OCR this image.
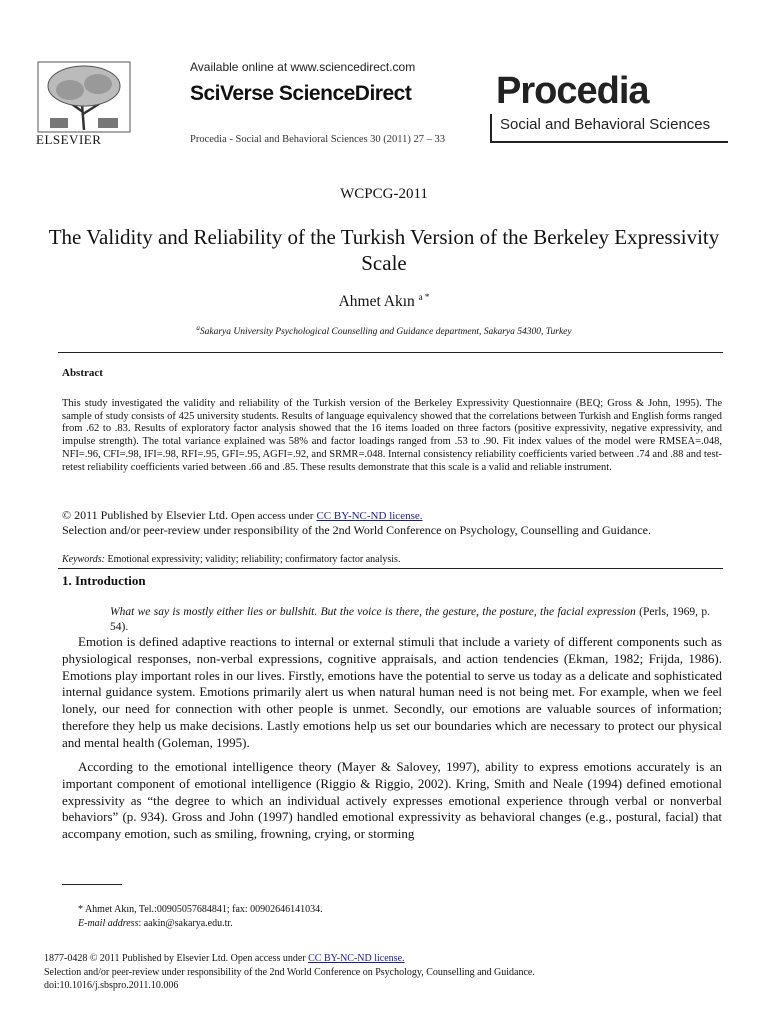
ELSEVIER
Available online at www.sciencedirect.com
SciVerse ScienceDirect
Procedia - Social and Behavioral Sciences 30 (2011) 27 – 33
Procedia
Social and Behavioral Sciences
WCPCG-2011
The Validity and Reliability of the Turkish Version of the Berkeley Expressivity Scale
Ahmet Akın $^{a *}$
$^a$Sakarya University Psychological Counselling and Guidance department, Sakarya 54300, Turkey
Abstract
This study investigated the validity and reliability of the Turkish version of the Berkeley Expressivity Questionnaire (BEQ; Gross & John, 1995). The sample of study consists of 425 university students. Results of language equivalency showed that the correlations between Turkish and English forms ranged from .62 to .83. Results of exploratory factor analysis showed that the 16 items loaded on three factors (positive expressivity, negative expressivity, and impulse strength). The total variance explained was 58% and factor loadings ranged from .53 to .90. Fit index values of the model were RMSEA=.048, NFI=.96, CFI=.98, IFI=.98, RFI=.95, GFI=.95, AGFI=.92, and SRMR=.048. Internal consistency reliability coefficients varied between .74 and .88 and test-retest reliability coefficients varied between .66 and .85. These results demonstrate that this scale is a valid and reliable instrument.
© 2011 Published by Elsevier Ltd. Open access under CC BY-NC-ND license.
Selection and/or peer-review under responsibility of the 2nd World Conference on Psychology, Counselling and Guidance.
Keywords: Emotional expressivity; validity; reliability; confirmatory factor analysis.
1. Introduction
What we say is mostly either lies or bullshit. But the voice is there, the gesture, the posture, the facial expression (Perls, 1969, p. 54).
Emotion is defined adaptive reactions to internal or external stimuli that include a variety of different components such as physiological responses, non-verbal expressions, cognitive appraisals, and action tendencies (Ekman, 1982; Frijda, 1986). Emotions play important roles in our lives. Firstly, emotions have the potential to serve us today as a delicate and sophisticated internal guidance system. Emotions primarily alert us when natural human need is not being met. For example, when we feel lonely, our need for connection with other people is unmet. Secondly, our emotions are valuable sources of information; therefore they help us make decisions. Lastly emotions help us set our boundaries which are necessary to protect our physical and mental health (Goleman, 1995).
According to the emotional intelligence theory (Mayer & Salovey, 1997), ability to express emotions accurately is an important component of emotional intelligence (Riggio & Riggio, 2002). Kring, Smith and Neale (1994) defined emotional expressivity as “the degree to which an individual actively expresses emotional experience through verbal or nonverbal behaviors” (p. 934). Gross and John (1997) handled emotional expressivity as behavioral changes (e.g., postural, facial) that accompany emotion, such as smiling, frowning, crying, or storming
* Ahmet Akın, Tel.:00905057684841; fax: 00902646141034.
E-mail address: aakin@sakarya.edu.tr.
1877-0428 © 2011 Published by Elsevier Ltd. Open access under CC BY-NC-ND license.
Selection and/or peer-review under responsibility of the 2nd World Conference on Psychology, Counselling and Guidance.
doi:10.1016/j.sbspro.2011.10.006
